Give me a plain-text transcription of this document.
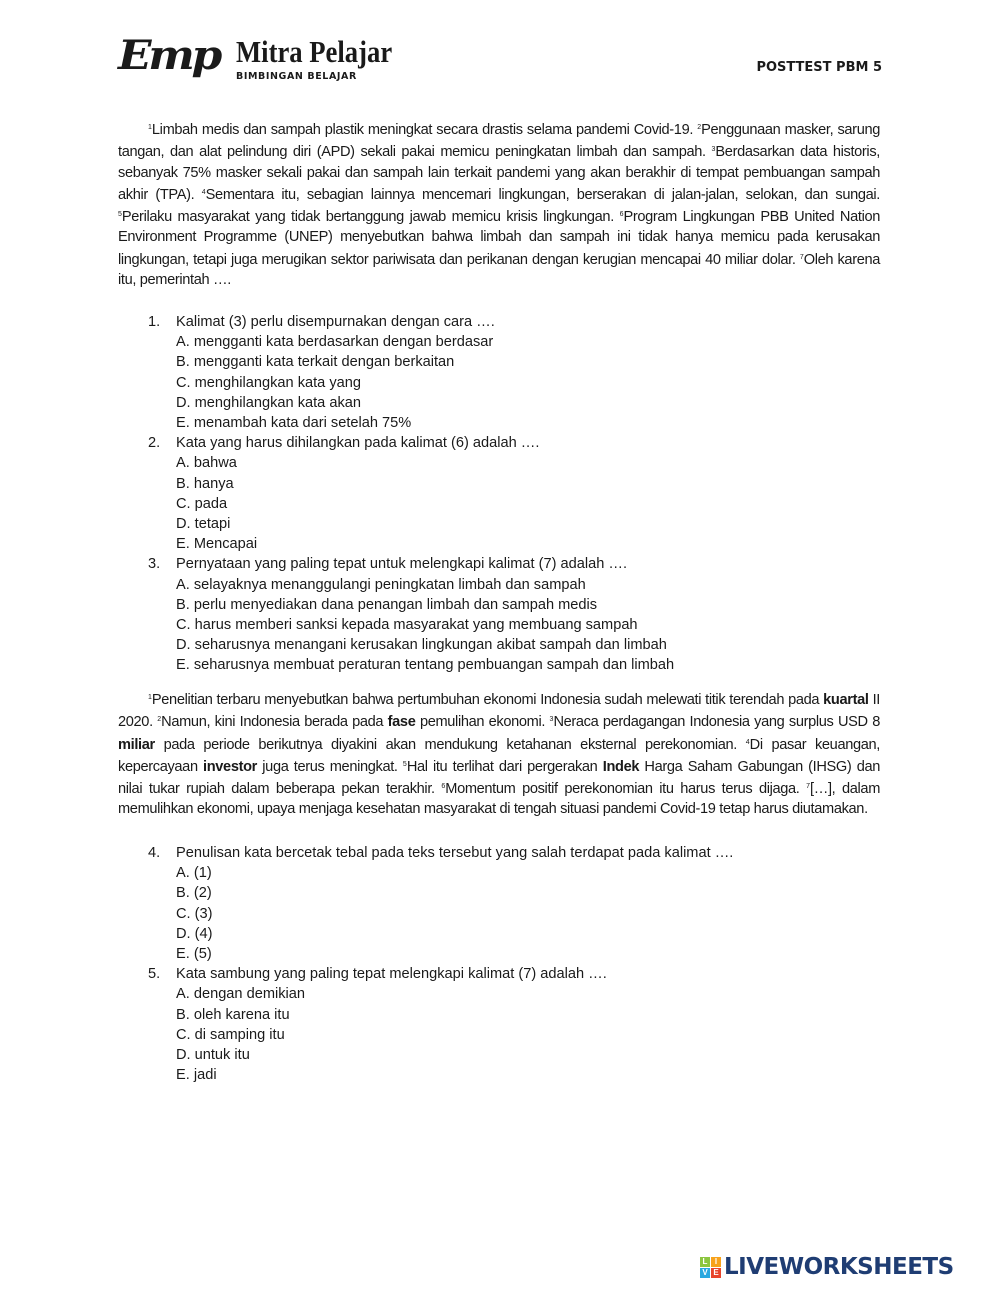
Emp Mitra Pelajar
BIMBINGAN BELAJAR
POSTTEST PBM 5

$^1$Limbah medis dan sampah plastik meningkat secara drastis selama pandemi Covid-19. $^2$Penggunaan masker, sarung tangan, dan alat pelindung diri (APD) sekali pakai memicu peningkatan limbah dan sampah. $^3$Berdasarkan data historis, sebanyak 75% masker sekali pakai dan sampah lain terkait pandemi yang akan berakhir di tempat pembuangan sampah akhir (TPA). $^4$Sementara itu, sebagian lainnya mencemari lingkungan, berserakan di jalan-jalan, selokan, dan sungai. $^5$Perilaku masyarakat yang tidak bertanggung jawab memicu krisis lingkungan. $^6$Program Lingkungan PBB United Nation Environment Programme (UNEP) menyebutkan bahwa limbah dan sampah ini tidak hanya memicu pada kerusakan lingkungan, tetapi juga merugikan sektor pariwisata dan perikanan dengan kerugian mencapai 40 miliar dolar. $^7$Oleh karena itu, pemerintah ….

1. Kalimat (3) perlu disempurnakan dengan cara ….
A. mengganti kata berdasarkan dengan berdasar
B. mengganti kata terkait dengan berkaitan
C. menghilangkan kata yang
D. menghilangkan kata akan
E. menambah kata dari setelah 75%
2. Kata yang harus dihilangkan pada kalimat (6) adalah ….
A. bahwa
B. hanya
C. pada
D. tetapi
E. Mencapai
3. Pernyataan yang paling tepat untuk melengkapi kalimat (7) adalah ….
A. selayaknya menanggulangi peningkatan limbah dan sampah
B. perlu menyediakan dana penangan limbah dan sampah medis
C. harus memberi sanksi kepada masyarakat yang membuang sampah
D. seharusnya menangani kerusakan lingkungan akibat sampah dan limbah
E. seharusnya membuat peraturan tentang pembuangan sampah dan limbah

$^1$Penelitian terbaru menyebutkan bahwa pertumbuhan ekonomi Indonesia sudah melewati titik terendah pada kuartal II 2020. $^2$Namun, kini Indonesia berada pada fase pemulihan ekonomi. $^3$Neraca perdagangan Indonesia yang surplus USD 8 miliar pada periode berikutnya diyakini akan mendukung ketahanan eksternal perekonomian. $^4$Di pasar keuangan, kepercayaan investor juga terus meningkat. $^5$Hal itu terlihat dari pergerakan Indek Harga Saham Gabungan (IHSG) dan nilai tukar rupiah dalam beberapa pekan terakhir. $^6$Momentum positif perekonomian itu harus terus dijaga. $^7$[…], dalam memulihkan ekonomi, upaya menjaga kesehatan masyarakat di tengah situasi pandemi Covid-19 tetap harus diutamakan.

4. Penulisan kata bercetak tebal pada teks tersebut yang salah terdapat pada kalimat ….
A. (1)
B. (2)
C. (3)
D. (4)
E. (5)
5. Kata sambung yang paling tepat melengkapi kalimat (7) adalah ….
A. dengan demikian
B. oleh karena itu
C. di samping itu
D. untuk itu
E. jadi
L I
V E LIVEWORKSHEETS
